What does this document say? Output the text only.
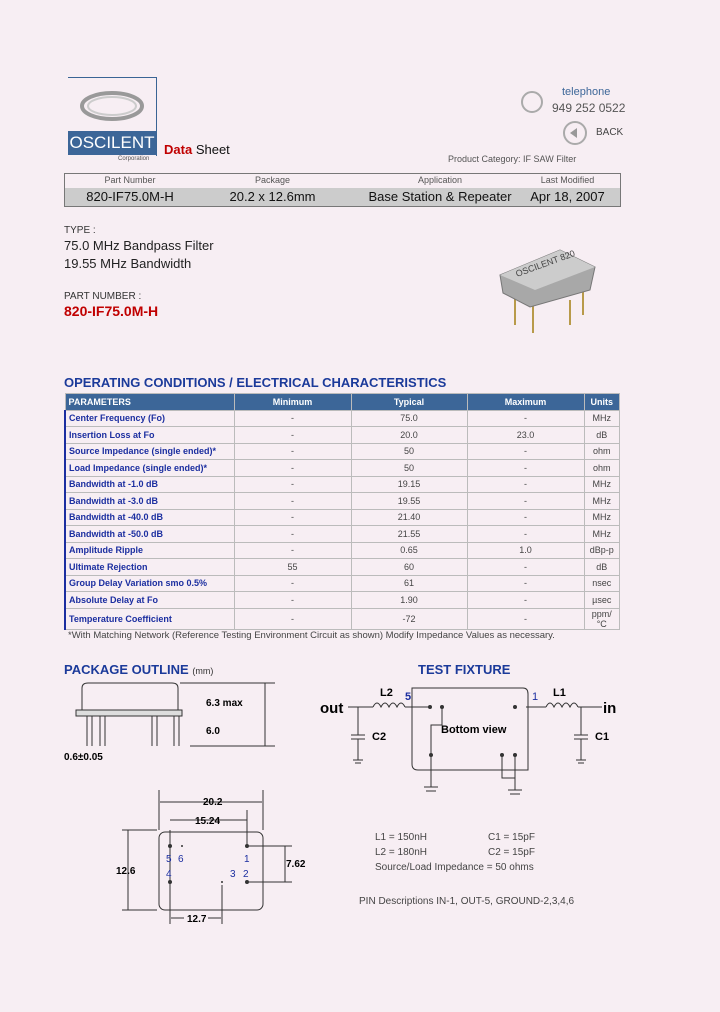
OSCILENT
Corporation
Data Sheet
telephone
949 252 0522
BACK
Product Category: IF SAW Filter
Part Number	Package	Application	Last Modified
820-IF75.0M-H	20.2 x 12.6mm	Base Station & Repeater	Apr 18, 2007
TYPE :
75.0 MHz Bandpass Filter
19.55 MHz Bandwidth
PART NUMBER :
820-IF75.0M-H
OSCILENT 820
OPERATING CONDITIONS / ELECTRICAL CHARACTERISTICS
PARAMETERS	Minimum	Typical	Maximum	Units
Center Frequency (Fo)	-	75.0	-	MHz
Insertion Loss at Fo	-	20.0	23.0	dB
Source Impedance (single ended)*	-	50	-	ohm
Load Impedance (single ended)*	-	50	-	ohm
Bandwidth at -1.0 dB	-	19.15	-	MHz
Bandwidth at -3.0 dB	-	19.55	-	MHz
Bandwidth at -40.0 dB	-	21.40	-	MHz
Bandwidth at -50.0 dB	-	21.55	-	MHz
Amplitude Ripple	-	0.65	1.0	dBp-p
Ultimate Rejection	55	60	-	dB
Group Delay Variation smo 0.5%	-	61	-	nsec
Absolute Delay at Fo	-	1.90	-	µsec
Temperature Coefficient	-	-72	-	ppm/°C
*With Matching Network (Reference Testing Environment Circuit as shown) Modify Impedance Values as necessary.
PACKAGE OUTLINE (mm)	TEST FIXTURE
6.3 max
6.0
0.6±0.05
20.2
15.24
12.6
7.62
12.7
5 6	1
4	3 2
out	in
L2	L1
C2	C1
5	1
Bottom view
L1 = 150nH	C1 = 15pF
L2 = 180nH	C2 = 15pF
Source/Load Impedance = 50 ohms
PIN Descriptions IN-1, OUT-5, GROUND-2,3,4,6
